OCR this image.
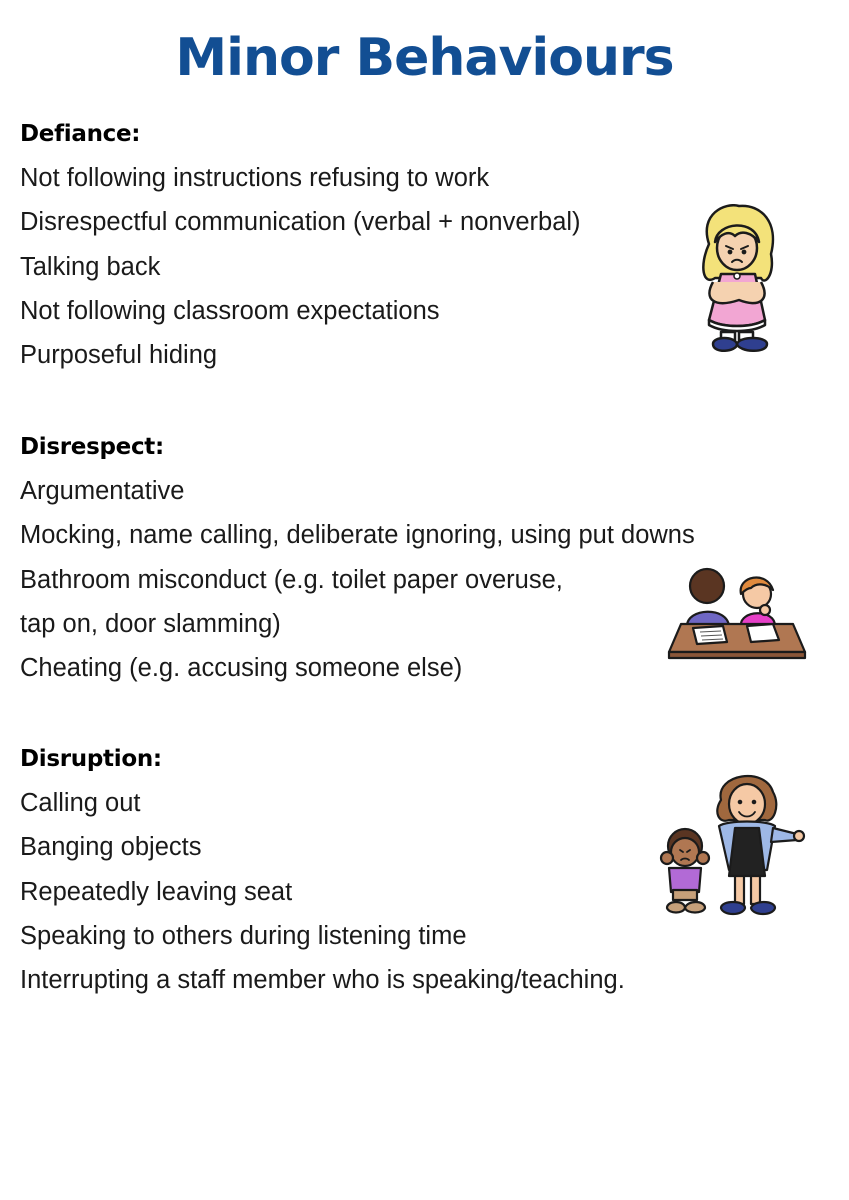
Minor Behaviours
Defiance:
Not following instructions refusing to work
Disrespectful communication (verbal + nonverbal)
Talking back
Not following classroom expectations
Purposeful hiding
Disrespect:
Argumentative
Mocking, name calling, deliberate ignoring, using put downs
Bathroom misconduct (e.g. toilet paper overuse,
tap on, door slamming)
Cheating (e.g. accusing someone else)
Disruption:
Calling out
Banging objects
Repeatedly leaving seat
Speaking to others during listening time
Interrupting a staff member who is speaking/teaching.
